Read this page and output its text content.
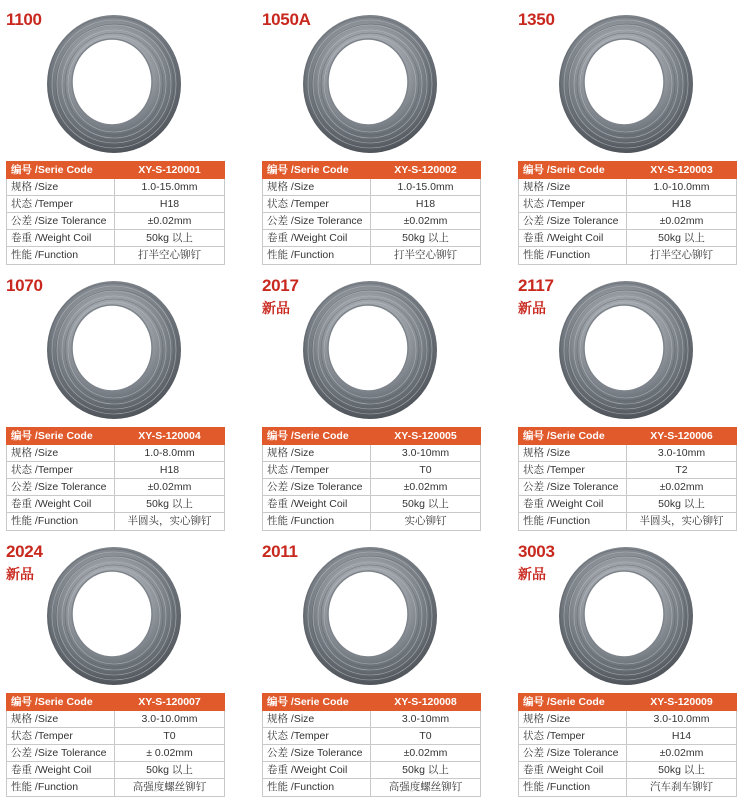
1100
编号 /Serie Code	XY-S-120001
规格 /Size	1.0-15.0mm
状态 /Temper	H18
公差 /Size Tolerance	±0.02mm
卷重 /Weight Coil	50kg 以上
性能 /Function	打半空心铆钉
1050A
编号 /Serie Code	XY-S-120002
规格 /Size	1.0-15.0mm
状态 /Temper	H18
公差 /Size Tolerance	±0.02mm
卷重 /Weight Coil	50kg 以上
性能 /Function	打半空心铆钉
1350
编号 /Serie Code	XY-S-120003
规格 /Size	1.0-10.0mm
状态 /Temper	H18
公差 /Size Tolerance	±0.02mm
卷重 /Weight Coil	50kg 以上
性能 /Function	打半空心铆钉
1070
编号 /Serie Code	XY-S-120004
规格 /Size	1.0-8.0mm
状态 /Temper	H18
公差 /Size Tolerance	±0.02mm
卷重 /Weight Coil	50kg 以上
性能 /Function	半圆头，实心铆钉
2017
新品
编号 /Serie Code	XY-S-120005
规格 /Size	3.0-10mm
状态 /Temper	T0
公差 /Size Tolerance	±0.02mm
卷重 /Weight Coil	50kg 以上
性能 /Function	实心铆钉
2117
新品
编号 /Serie Code	XY-S-120006
规格 /Size	3.0-10mm
状态 /Temper	T2
公差 /Size Tolerance	±0.02mm
卷重 /Weight Coil	50kg 以上
性能 /Function	半圆头，实心铆钉
2024
新品
编号 /Serie Code	XY-S-120007
规格 /Size	3.0-10.0mm
状态 /Temper	T0
公差 /Size Tolerance	± 0.02mm
卷重 /Weight Coil	50kg 以上
性能 /Function	高强度螺丝铆钉
2011
编号 /Serie Code	XY-S-120008
规格 /Size	3.0-10mm
状态 /Temper	T0
公差 /Size Tolerance	±0.02mm
卷重 /Weight Coil	50kg 以上
性能 /Function	高强度螺丝铆钉
3003
新品
编号 /Serie Code	XY-S-120009
规格 /Size	3.0-10.0mm
状态 /Temper	H14
公差 /Size Tolerance	±0.02mm
卷重 /Weight Coil	50kg 以上
性能 /Function	汽车刹车铆钉
